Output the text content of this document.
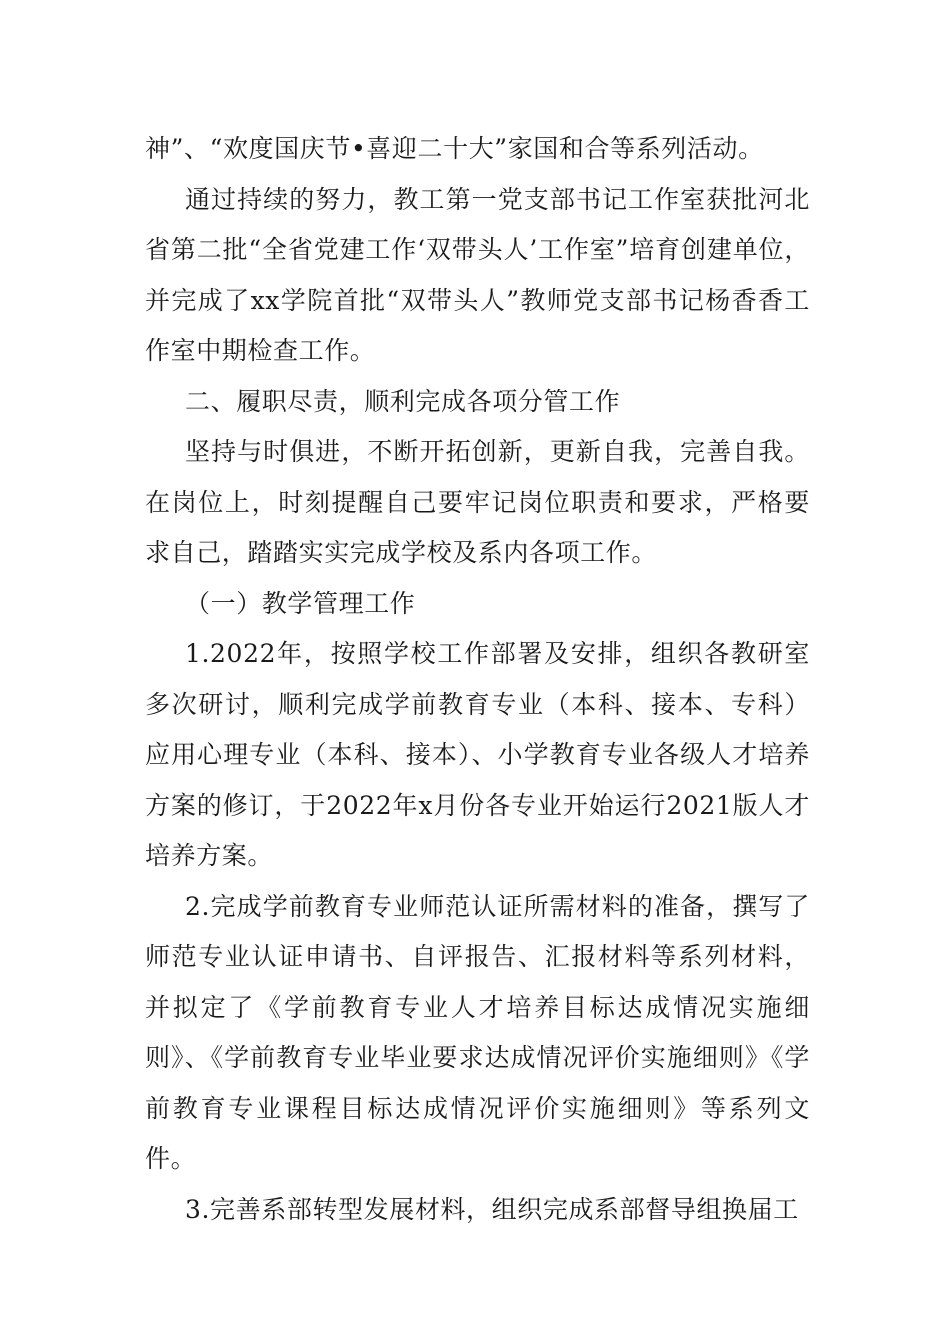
神”、“欢度国庆节•喜迎二十大”家国和合等系列活动。

通过持续的努力，教工第一党支部书记工作室获批河北省第二批“全省党建工作‘双带头人’工作室”培育创建单位，并完成了xx学院首批“双带头人”教师党支部书记杨香香工作室中期检查工作。

二、履职尽责，顺利完成各项分管工作

坚持与时俱进，不断开拓创新，更新自我，完善自我。在岗位上，时刻提醒自己要牢记岗位职责和要求，严格要求自己，踏踏实实完成学校及系内各项工作。

（一）教学管理工作

1.2022年，按照学校工作部署及安排，组织各教研室多次研讨，顺利完成学前教育专业（本科、接本、专科）应用心理专业（本科、接本）、小学教育专业各级人才培养方案的修订，于2022年x月份各专业开始运行2021版人才培养方案。

2.完成学前教育专业师范认证所需材料的准备，撰写了师范专业认证申请书、自评报告、汇报材料等系列材料，并拟定了《学前教育专业人才培养目标达成情况实施细则》、《学前教育专业毕业要求达成情况评价实施细则》《学前教育专业课程目标达成情况评价实施细则》等系列文件。

3.完善系部转型发展材料，组织完成系部督导组换届工
